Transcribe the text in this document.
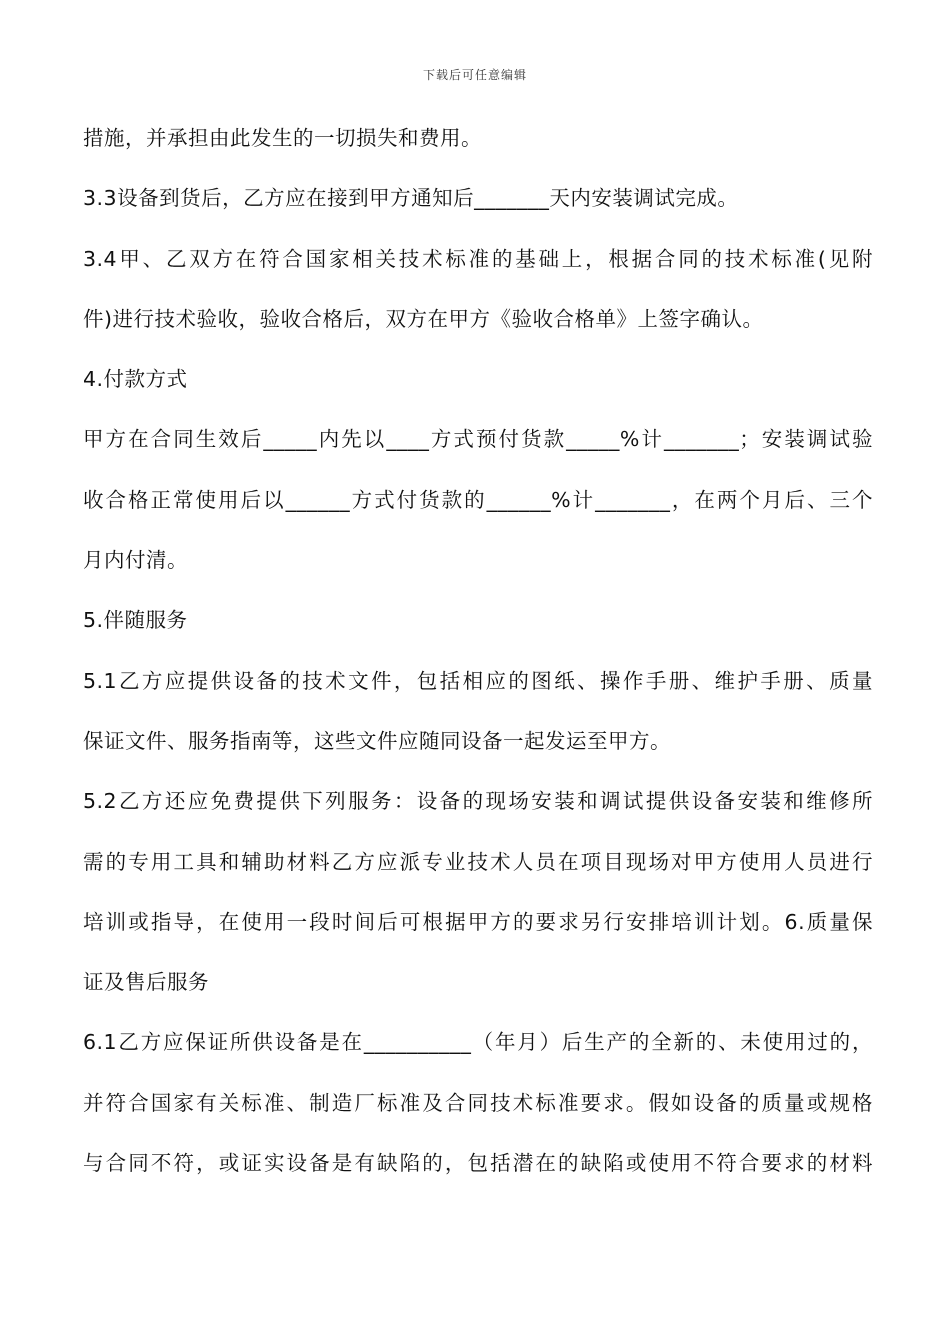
下载后可任意编辑
措施，并承担由此发生的一切损失和费用。
3.3设备到货后，乙方应在接到甲方通知后_______天内安装调试完成。
3.4甲、乙双方在符合国家相关技术标准的基础上，根据合同的技术标准(见附
件)进行技术验收，验收合格后，双方在甲方《验收合格单》上签字确认。
4.付款方式
甲方在合同生效后_____内先以____方式预付货款_____%计_______；安装调试验
收合格正常使用后以______方式付货款的______%计_______，在两个月后、三个
月内付清。
5.伴随服务
5.1乙方应提供设备的技术文件，包括相应的图纸、操作手册、维护手册、质量
保证文件、服务指南等，这些文件应随同设备一起发运至甲方。
5.2乙方还应免费提供下列服务：设备的现场安装和调试提供设备安装和维修所
需的专用工具和辅助材料乙方应派专业技术人员在项目现场对甲方使用人员进行
培训或指导，在使用一段时间后可根据甲方的要求另行安排培训计划。6.质量保
证及售后服务
6.1乙方应保证所供设备是在__________（年月）后生产的全新的、未使用过的，
并符合国家有关标准、制造厂标准及合同技术标准要求。假如设备的质量或规格
与合同不符，或证实设备是有缺陷的，包括潜在的缺陷或使用不符合要求的材料
